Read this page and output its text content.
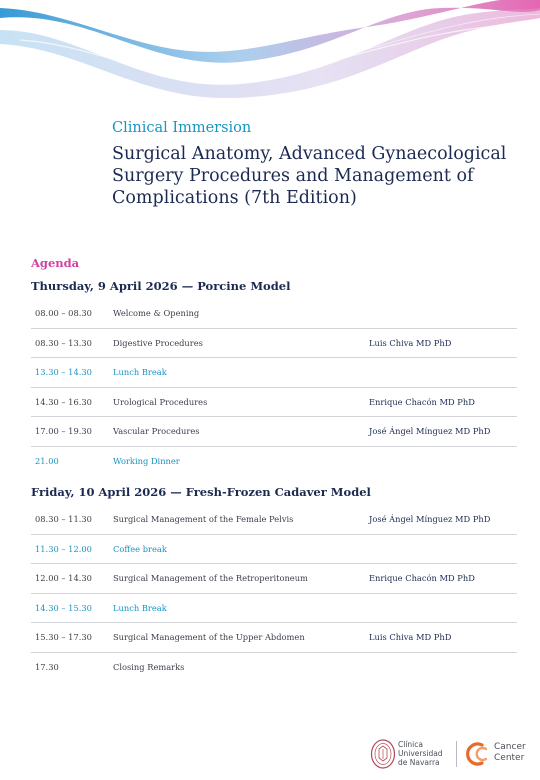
Clinical Immersion
Surgical Anatomy, Advanced Gynaecological Surgery Procedures and Management of Complications (7th Edition)
Agenda
Thursday, 9 April 2026 — Porcine Model
08.00 – 08.30	Welcome & Opening
08.30 – 13.30	Digestive Procedures	Luis Chiva MD PhD
13.30 – 14.30	Lunch Break
14.30 – 16.30	Urological Procedures	Enrique Chacón MD PhD
17.00 – 19.30	Vascular Procedures	José Ángel Mínguez MD PhD
21.00	Working Dinner
Friday, 10 April 2026 — Fresh-Frozen Cadaver Model
08.30 – 11.30	Surgical Management of the Female Pelvis	José Ángel Mínguez MD PhD
11.30 – 12.00	Coffee break
12.00 – 14.30	Surgical Management of the Retroperitoneum	Enrique Chacón MD PhD
14.30 – 15.30	Lunch Break
15.30 – 17.30	Surgical Management of the Upper Abdomen	Luis Chiva MD PhD
17.30	Closing Remarks
Clínica
Universidad
de Navarra
Cancer
Center
